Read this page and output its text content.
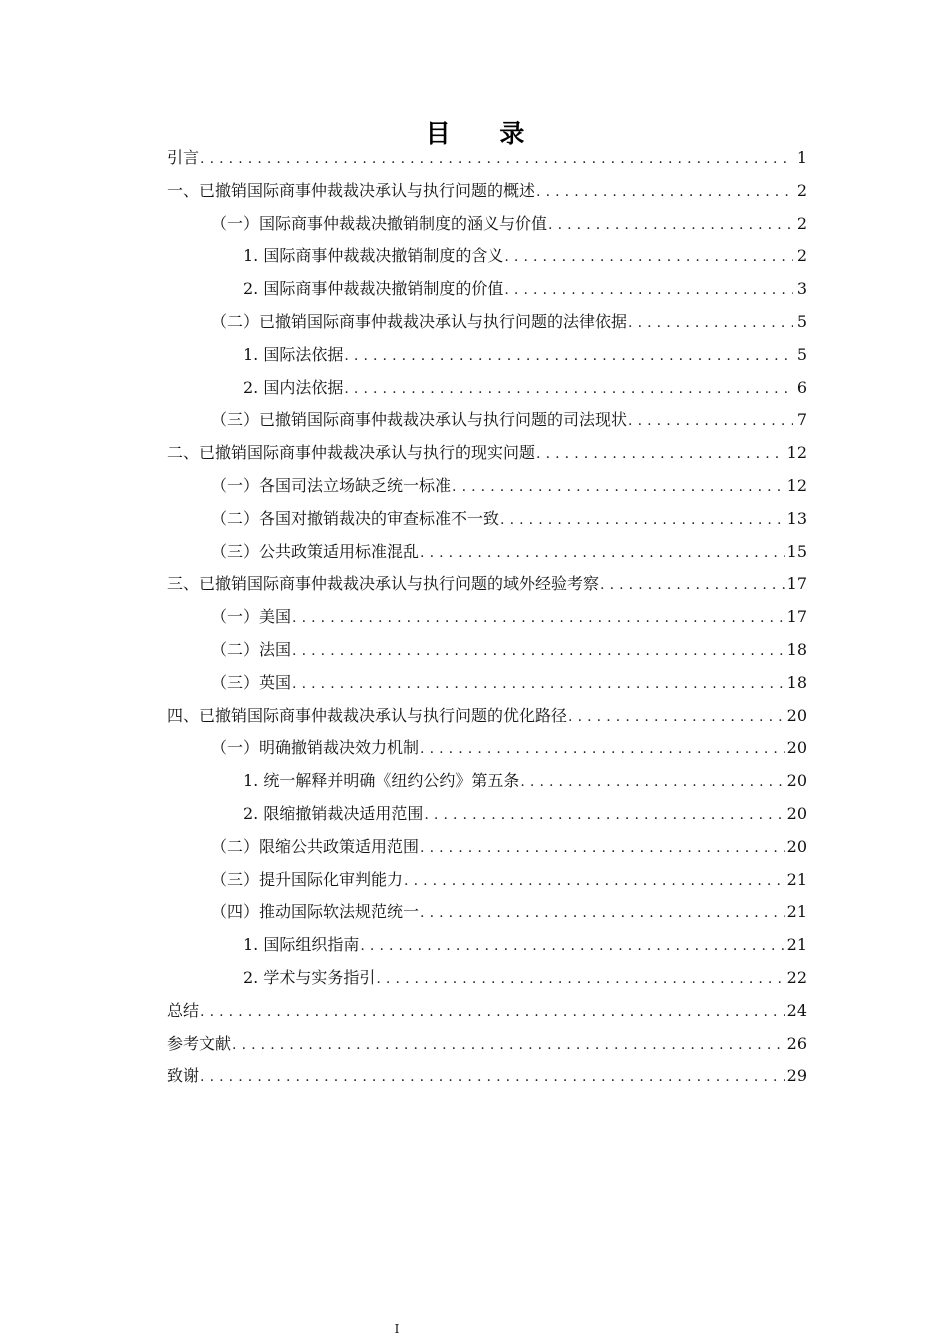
目 录
引言 .....	1
一、已撤销国际商事仲裁裁决承认与执行问题的概述 .....	2
（一）国际商事仲裁裁决撤销制度的涵义与价值 .....	2
1. 国际商事仲裁裁决撤销制度的含义 .....	2
2. 国际商事仲裁裁决撤销制度的价值 .....	3
（二）已撤销国际商事仲裁裁决承认与执行问题的法律依据 .....	5
1. 国际法依据 .....	5
2. 国内法依据 .....	6
（三）已撤销国际商事仲裁裁决承认与执行问题的司法现状 .....	7
二、已撤销国际商事仲裁裁决承认与执行的现实问题 .....	12
（一）各国司法立场缺乏统一标准 .....	12
（二）各国对撤销裁决的审查标准不一致 .....	13
（三）公共政策适用标准混乱 .....	15
三、已撤销国际商事仲裁裁决承认与执行问题的域外经验考察 .....	17
（一）美国 .....	17
（二）法国 .....	18
（三）英国 .....	18
四、已撤销国际商事仲裁裁决承认与执行问题的优化路径 .....	20
（一）明确撤销裁决效力机制 .....	20
1. 统一解释并明确《纽约公约》第五条 .....	20
2. 限缩撤销裁决适用范围 .....	20
（二）限缩公共政策适用范围 .....	20
（三）提升国际化审判能力 .....	21
（四）推动国际软法规范统一 .....	21
1. 国际组织指南 .....	21
2. 学术与实务指引 .....	22
总结 .....	24
参考文献 .....	26
致谢 .....	29
I
